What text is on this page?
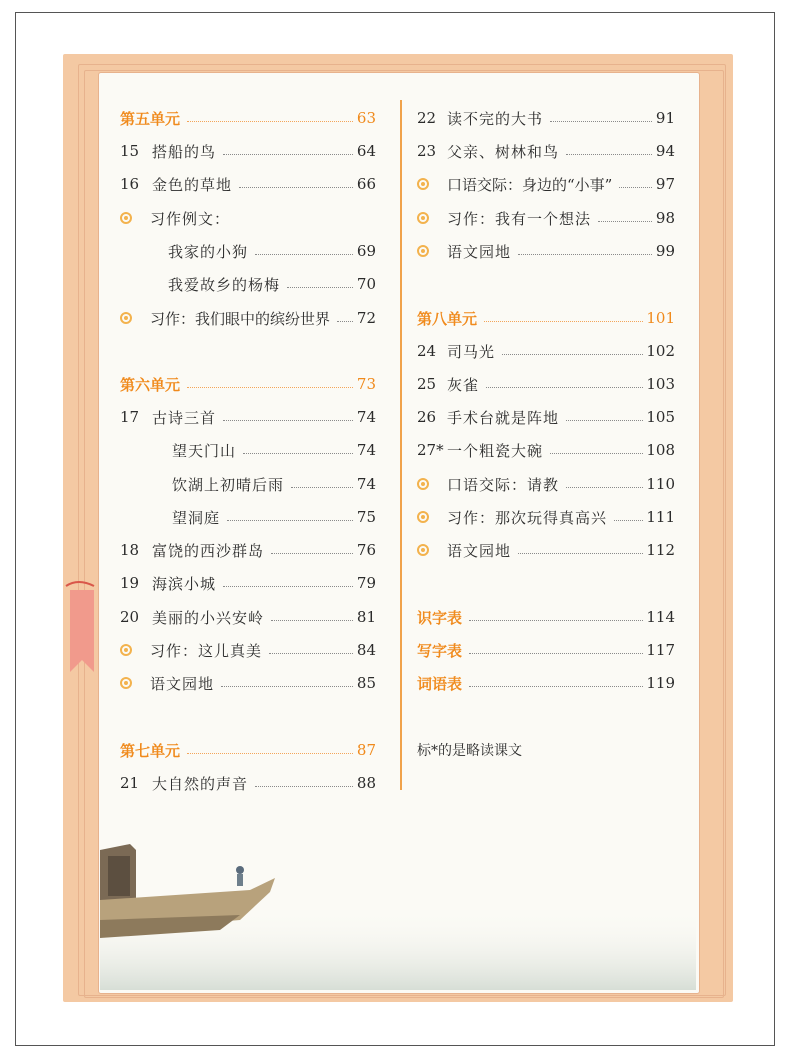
第五单元	63
15 搭船的鸟	64
16 金色的草地	66
习作例文：
我家的小狗	69
我爱故乡的杨梅	70
习作：我们眼中的缤纷世界 72
第六单元	73
17 古诗三首	74
望天门山	74
饮湖上初晴后雨	74
望洞庭	75
18 富饶的西沙群岛	76
19 海滨小城	79
20 美丽的小兴安岭	81
习作：这儿真美	84
语文园地	85
第七单元	87
21 大自然的声音	88
22 读不完的大书	91
23 父亲、树林和鸟	94
口语交际：身边的“小事”	97
习作：我有一个想法	98
语文园地	99
第八单元	101
24 司马光	102
25 灰雀	103
26 手术台就是阵地	105
27* 一个粗瓷大碗	108
口语交际：请教	110
习作：那次玩得真高兴	111
语文园地	112
识字表	114
写字表	117
词语表	119
标*的是略读课文
